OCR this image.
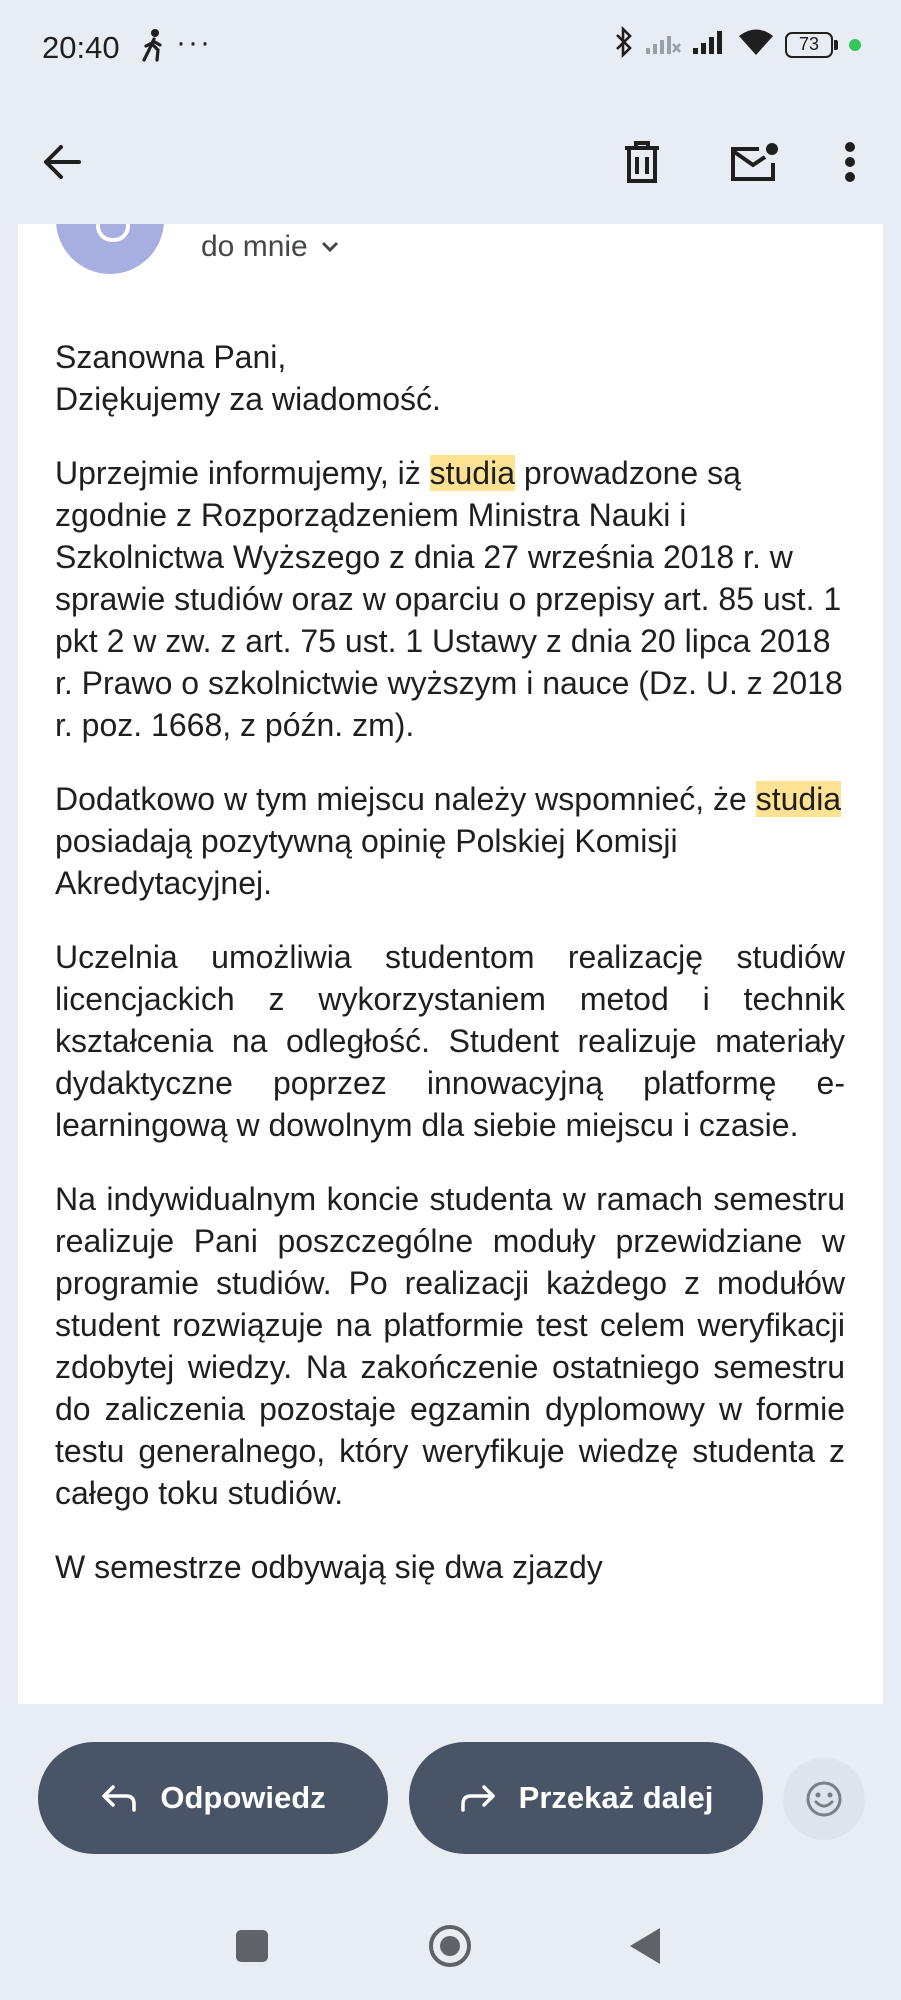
20:40 ···	73
do mnie

Szanowna Pani,
Dziękujemy za wiadomość.

Uprzejmie informujemy, iż studia prowadzone są zgodnie z Rozporządzeniem Ministra Nauki i Szkolnictwa Wyższego z dnia 27 września 2018 r. w sprawie studiów oraz w oparciu o przepisy art. 85 ust. 1 pkt 2 w zw. z art. 75 ust. 1 Ustawy z dnia 20 lipca 2018 r. Prawo o szkolnictwie wyższym i nauce (Dz. U. z 2018 r. poz. 1668, z późn. zm).

Dodatkowo w tym miejscu należy wspomnieć, że studia posiadają pozytywną opinię Polskiej Komisji Akredytacyjnej.

Uczelnia umożliwia studentom realizację studiów licencjackich z wykorzystaniem metod i technik kształcenia na odległość. Student realizuje materiały dydaktyczne poprzez innowacyjną platformę e-learningową w dowolnym dla siebie miejscu i czasie.

Na indywidualnym koncie studenta w ramach semestru realizuje Pani poszczególne moduły przewidziane w programie studiów. Po realizacji każdego z modułów student rozwiązuje na platformie test celem weryfikacji zdobytej wiedzy. Na zakończenie ostatniego semestru do zaliczenia pozostaje egzamin dyplomowy w formie testu generalnego, który weryfikuje wiedzę studenta z całego toku studiów.

W semestrze odbywają się dwa zjazdy

Odpowiedz	Przekaż dalej
